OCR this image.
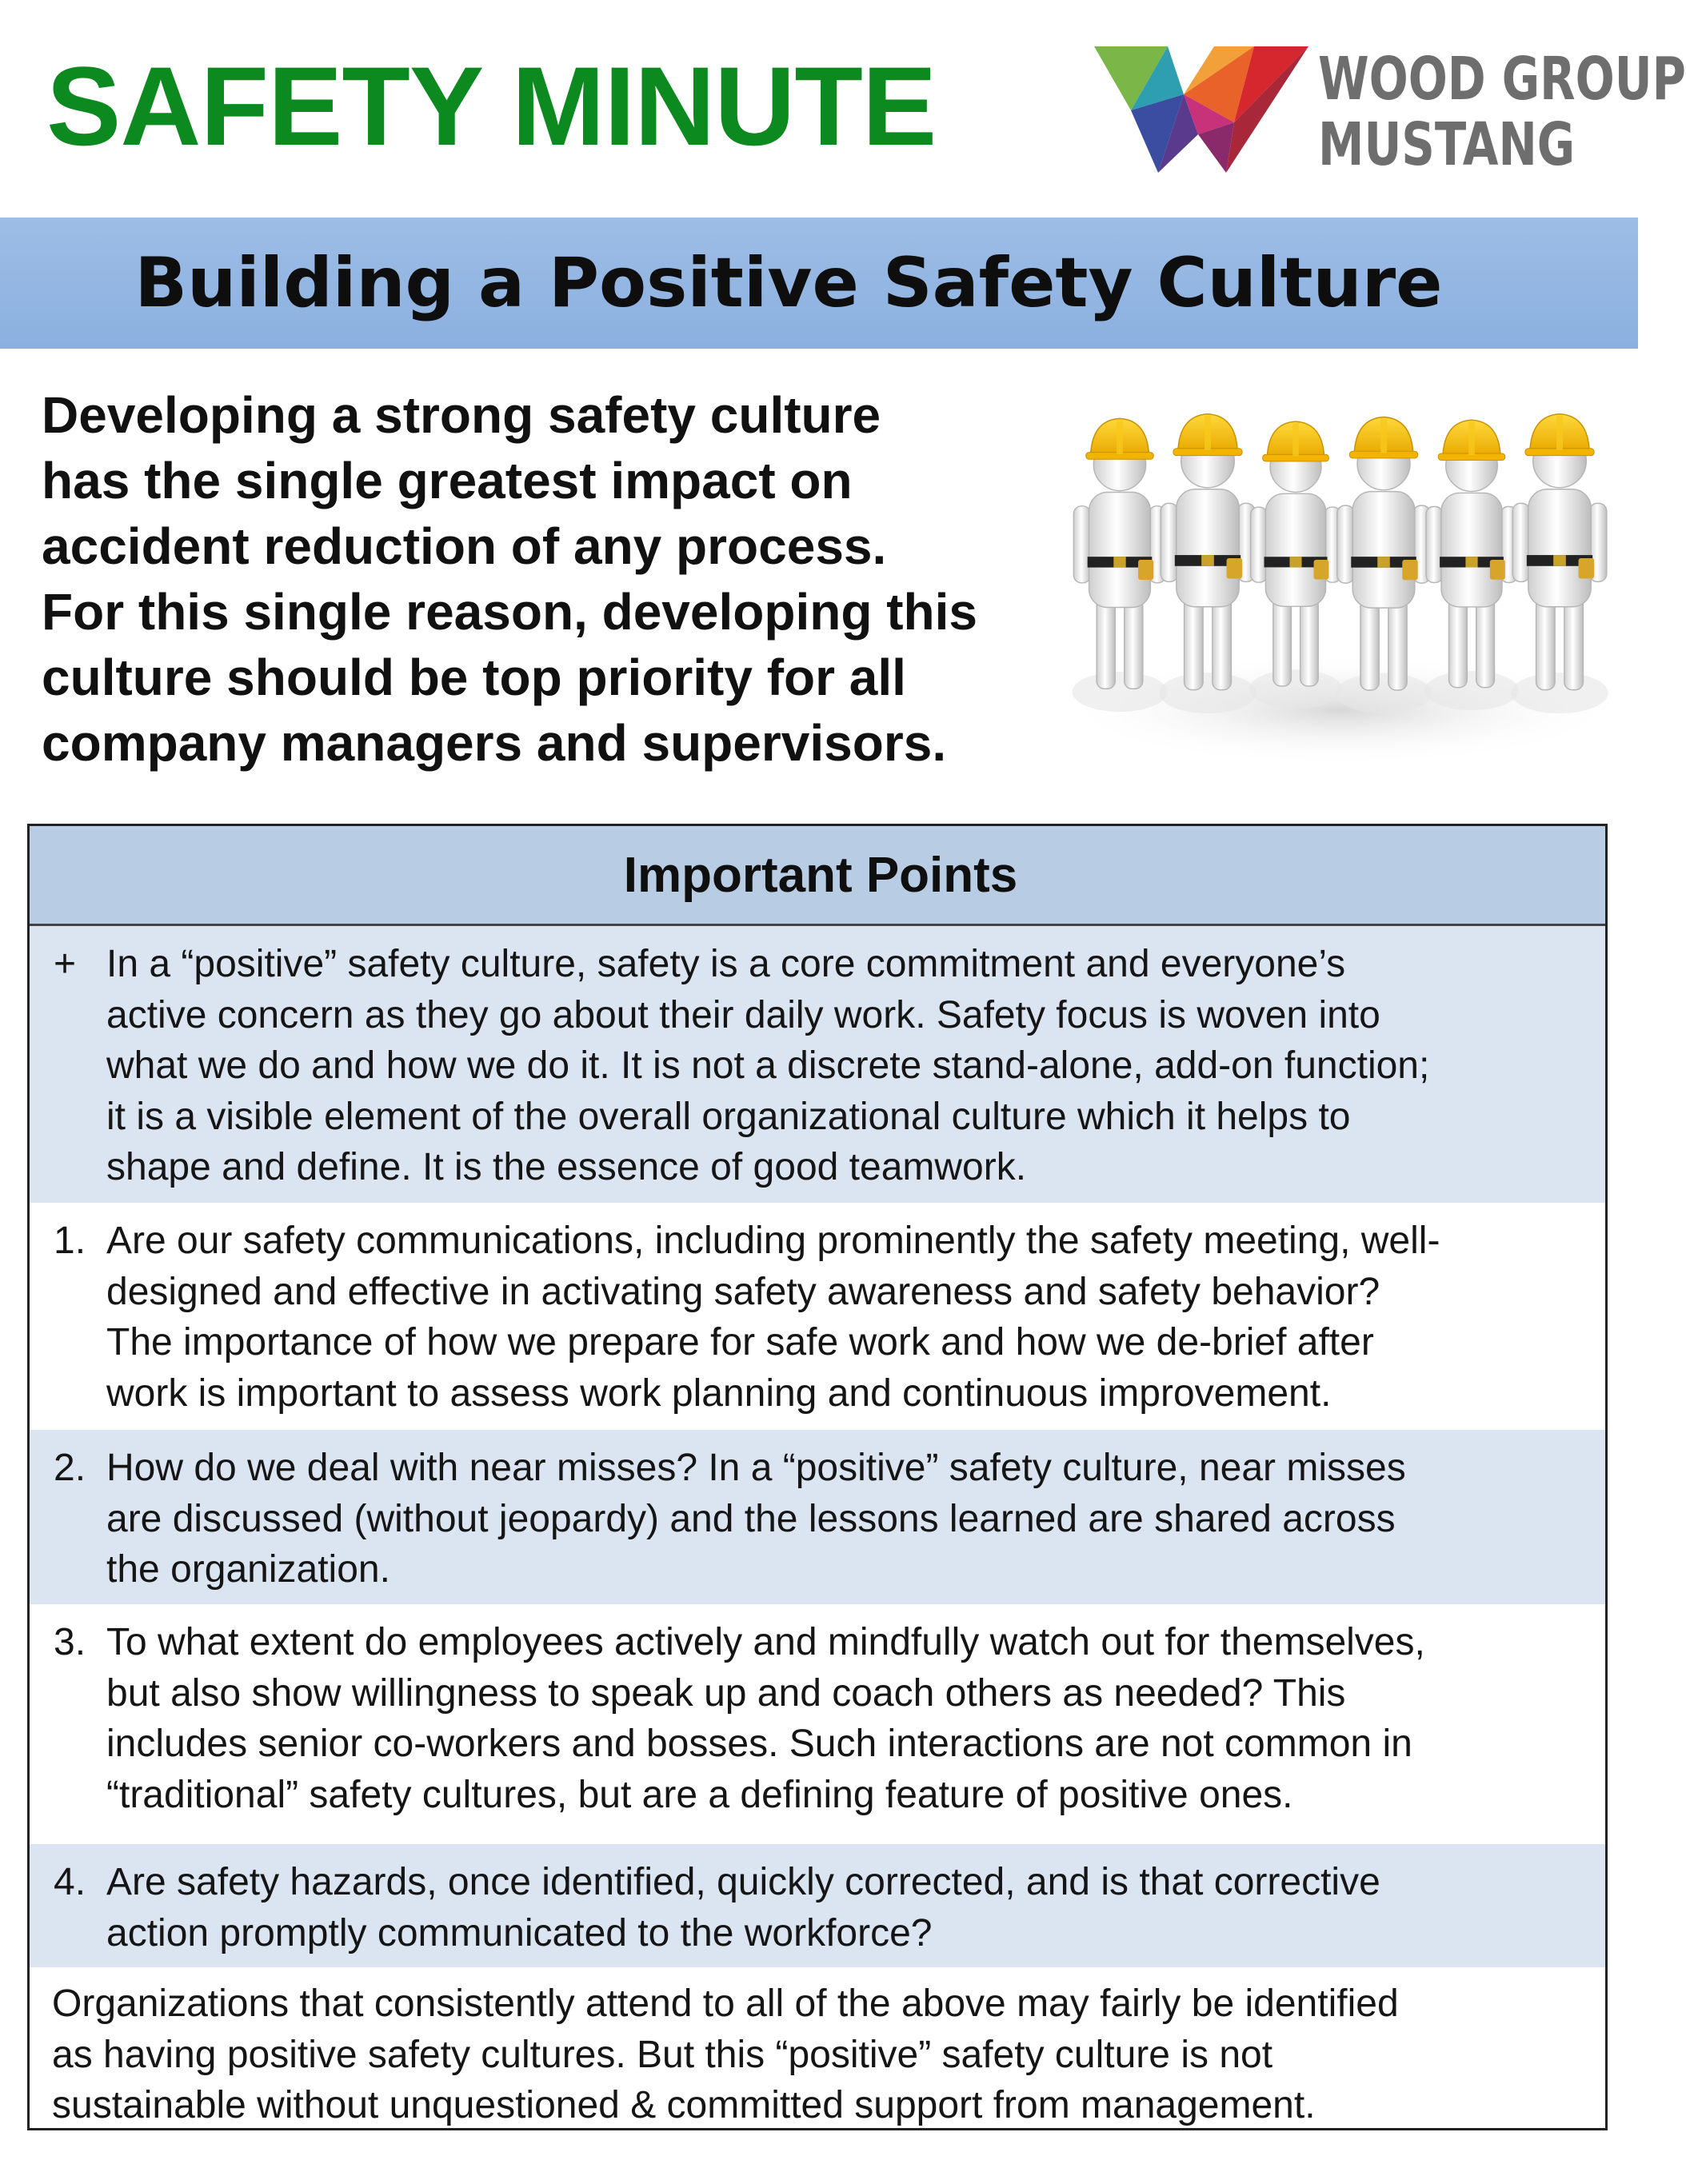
SAFETY MINUTE	WOOD GROUP
MUSTANG
Building a Positive Safety Culture
Developing a strong safety culture
has the single greatest impact on
accident reduction of any process.
For this single reason, developing this
culture should be top priority for all
company managers and supervisors.
Important Points
+ In a “positive” safety culture, safety is a core commitment and everyone’s
active concern as they go about their daily work. Safety focus is woven into
what we do and how we do it. It is not a discrete stand-alone, add-on function;
it is a visible element of the overall organizational culture which it helps to
shape and define. It is the essence of good teamwork.
1. Are our safety communications, including prominently the safety meeting, well-
designed and effective in activating safety awareness and safety behavior?
The importance of how we prepare for safe work and how we de-brief after
work is important to assess work planning and continuous improvement.
2. How do we deal with near misses? In a “positive” safety culture, near misses
are discussed (without jeopardy) and the lessons learned are shared across
the organization.
3. To what extent do employees actively and mindfully watch out for themselves,
but also show willingness to speak up and coach others as needed? This
includes senior co-workers and bosses. Such interactions are not common in
“traditional” safety cultures, but are a defining feature of positive ones.
4. Are safety hazards, once identified, quickly corrected, and is that corrective
action promptly communicated to the workforce?
Organizations that consistently attend to all of the above may fairly be identified
as having positive safety cultures. But this “positive” safety culture is not
sustainable without unquestioned & committed support from management.
